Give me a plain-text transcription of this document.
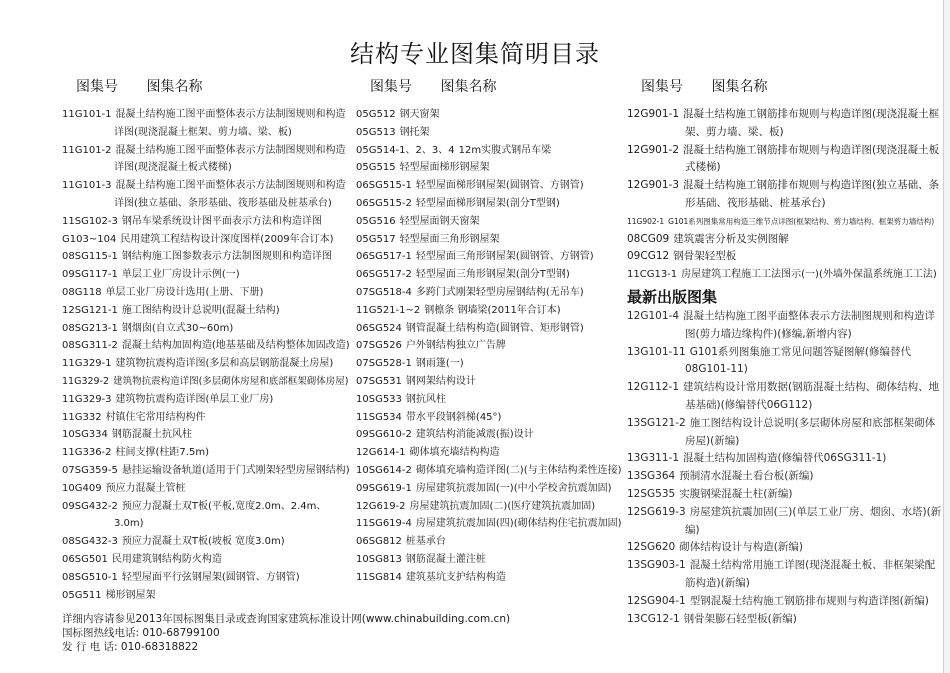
结构专业图集简明目录
图集号 图集名称
11G101-1 混凝土结构施工图平面整体表示方法制图规则和构造详图(现浇混凝土框架、剪力墙、梁、板)
11G101-2 混凝土结构施工图平面整体表示方法制图规则和构造详图(现浇混凝土板式楼梯)
11G101-3 混凝土结构施工图平面整体表示方法制图规则和构造详图(独立基础、条形基础、筏形基础及桩基承台)
11SG102-3 钢吊车梁系统设计图平面表示方法和构造详图
G103~104 民用建筑工程结构设计深度图样(2009年合订本)
08SG115-1 钢结构施工图参数表示方法制图规则和构造详图
09SG117-1 单层工业厂房设计示例(一)
08G118 单层工业厂房设计选用(上册、下册)
12SG121-1 施工图结构设计总说明(混凝土结构)
08SG213-1 钢烟囱(自立式30~60m)
08SG311-2 混凝土结构加固构造(地基基础及结构整体加固改造)
11G329-1 建筑物抗震构造详图(多层和高层钢筋混凝土房屋)
11G329-2 建筑物抗震构造详图(多层砌体房屋和底部框架砌体房屋)
11G329-3 建筑物抗震构造详图(单层工业厂房)
11G332 村镇住宅常用结构构件
10SG334 钢筋混凝土抗风柱
11G336-2 柱间支撑(柱距7.5m)
07SG359-5 悬挂运输设备轨道(适用于门式刚架轻型房屋钢结构)
10G409 预应力混凝土管桩
09SG432-2 预应力混凝土双T板(平板,宽度2.0m、2.4m、3.0m)
08SG432-3 预应力混凝土双T板(坡板 宽度3.0m)
06SG501 民用建筑钢结构防火构造
08SG510-1 轻型屋面平行弦钢屋架(圆钢管、方钢管)
05G511 梯形钢屋架
图集号 图集名称
05G512 钢天窗架
05G513 钢托架
05G514-1、2、3、4 12m实腹式钢吊车梁
05G515 轻型屋面梯形钢屋架
06SG515-1 轻型屋面梯形钢屋架(圆钢管、方钢管)
06SG515-2 轻型屋面梯形钢屋架(剖分T型钢)
05G516 轻型屋面钢天窗架
05G517 轻型屋面三角形钢屋架
06SG517-1 轻型屋面三角形钢屋架(圆钢管、方钢管)
06SG517-2 轻型屋面三角形钢屋架(剖分T型钢)
07SG518-4 多跨门式刚架轻型房屋钢结构(无吊车)
11G521-1~2 钢檩条 钢墙梁(2011年合订本)
06SG524 钢管混凝土结构构造(圆钢管、矩形钢管)
07SG526 户外钢结构独立广告牌
07SG528-1 钢雨篷(一)
07SG531 钢网架结构设计
10SG533 钢抗风柱
11SG534 带水平段钢斜梯(45°)
09SG610-2 建筑结构消能减震(振)设计
12G614-1 砌体填充墙结构构造
10SG614-2 砌体填充墙构造详图(二)(与主体结构柔性连接)
09SG619-1 房屋建筑抗震加固(一)(中小学校舍抗震加固)
12G619-2 房屋建筑抗震加固(二)(医疗建筑抗震加固)
11SG619-4 房屋建筑抗震加固(四)(砌体结构住宅抗震加固)
06SG812 桩基承台
10SG813 钢筋混凝土灌注桩
11SG814 建筑基坑支护结构构造
图集号 图集名称
12G901-1 混凝土结构施工钢筋排布规则与构造详图(现浇混凝土框架、剪力墙、梁、板)
12G901-2 混凝土结构施工钢筋排布规则与构造详图(现浇混凝土板式楼梯)
12G901-3 混凝土结构施工钢筋排布规则与构造详图(独立基础、条形基础、筏形基础、桩基承台)
11G902-1 G101系列图集常用构造三维节点详图(框架结构、剪力墙结构、框架剪力墙结构)
08CG09 建筑震害分析及实例图解
09CG12 钢骨架轻型板
11CG13-1 房屋建筑工程施工工法图示(一)(外墙外保温系统施工工法)
最新出版图集
12G101-4 混凝土结构施工图平面整体表示方法制图规则和构造详图(剪力墙边缘构件)(修编,新增内容)
13G101-11 G101系列图集施工常见问题答疑图解(修编替代08G101-11)
12G112-1 建筑结构设计常用数据(钢筋混凝土结构、砌体结构、地基基础)(修编替代06G112)
13SG121-2 施工图结构设计总说明(多层砌体房屋和底部框架砌体房屋)(新编)
13G311-1 混凝土结构加固构造(修编替代06SG311-1)
13SG364 预制清水混凝土看台板(新编)
12SG535 实腹钢梁混凝土柱(新编)
12SG619-3 房屋建筑抗震加固(三)(单层工业厂房、烟囱、水塔)(新编)
12SG620 砌体结构设计与构造(新编)
13SG903-1 混凝土结构常用施工详图(现浇混凝土板、非框架梁配筋构造)(新编)
12SG904-1 型钢混凝土结构施工钢筋排布规则与构造详图(新编)
13CG12-1 钢骨架膨石轻型板(新编)
详细内容请参见2013年国标图集目录或查询国家建筑标准设计网(www.chinabuilding.com.cn)
国标图热线电话: 010-68799100
发 行 电 话: 010-68318822
